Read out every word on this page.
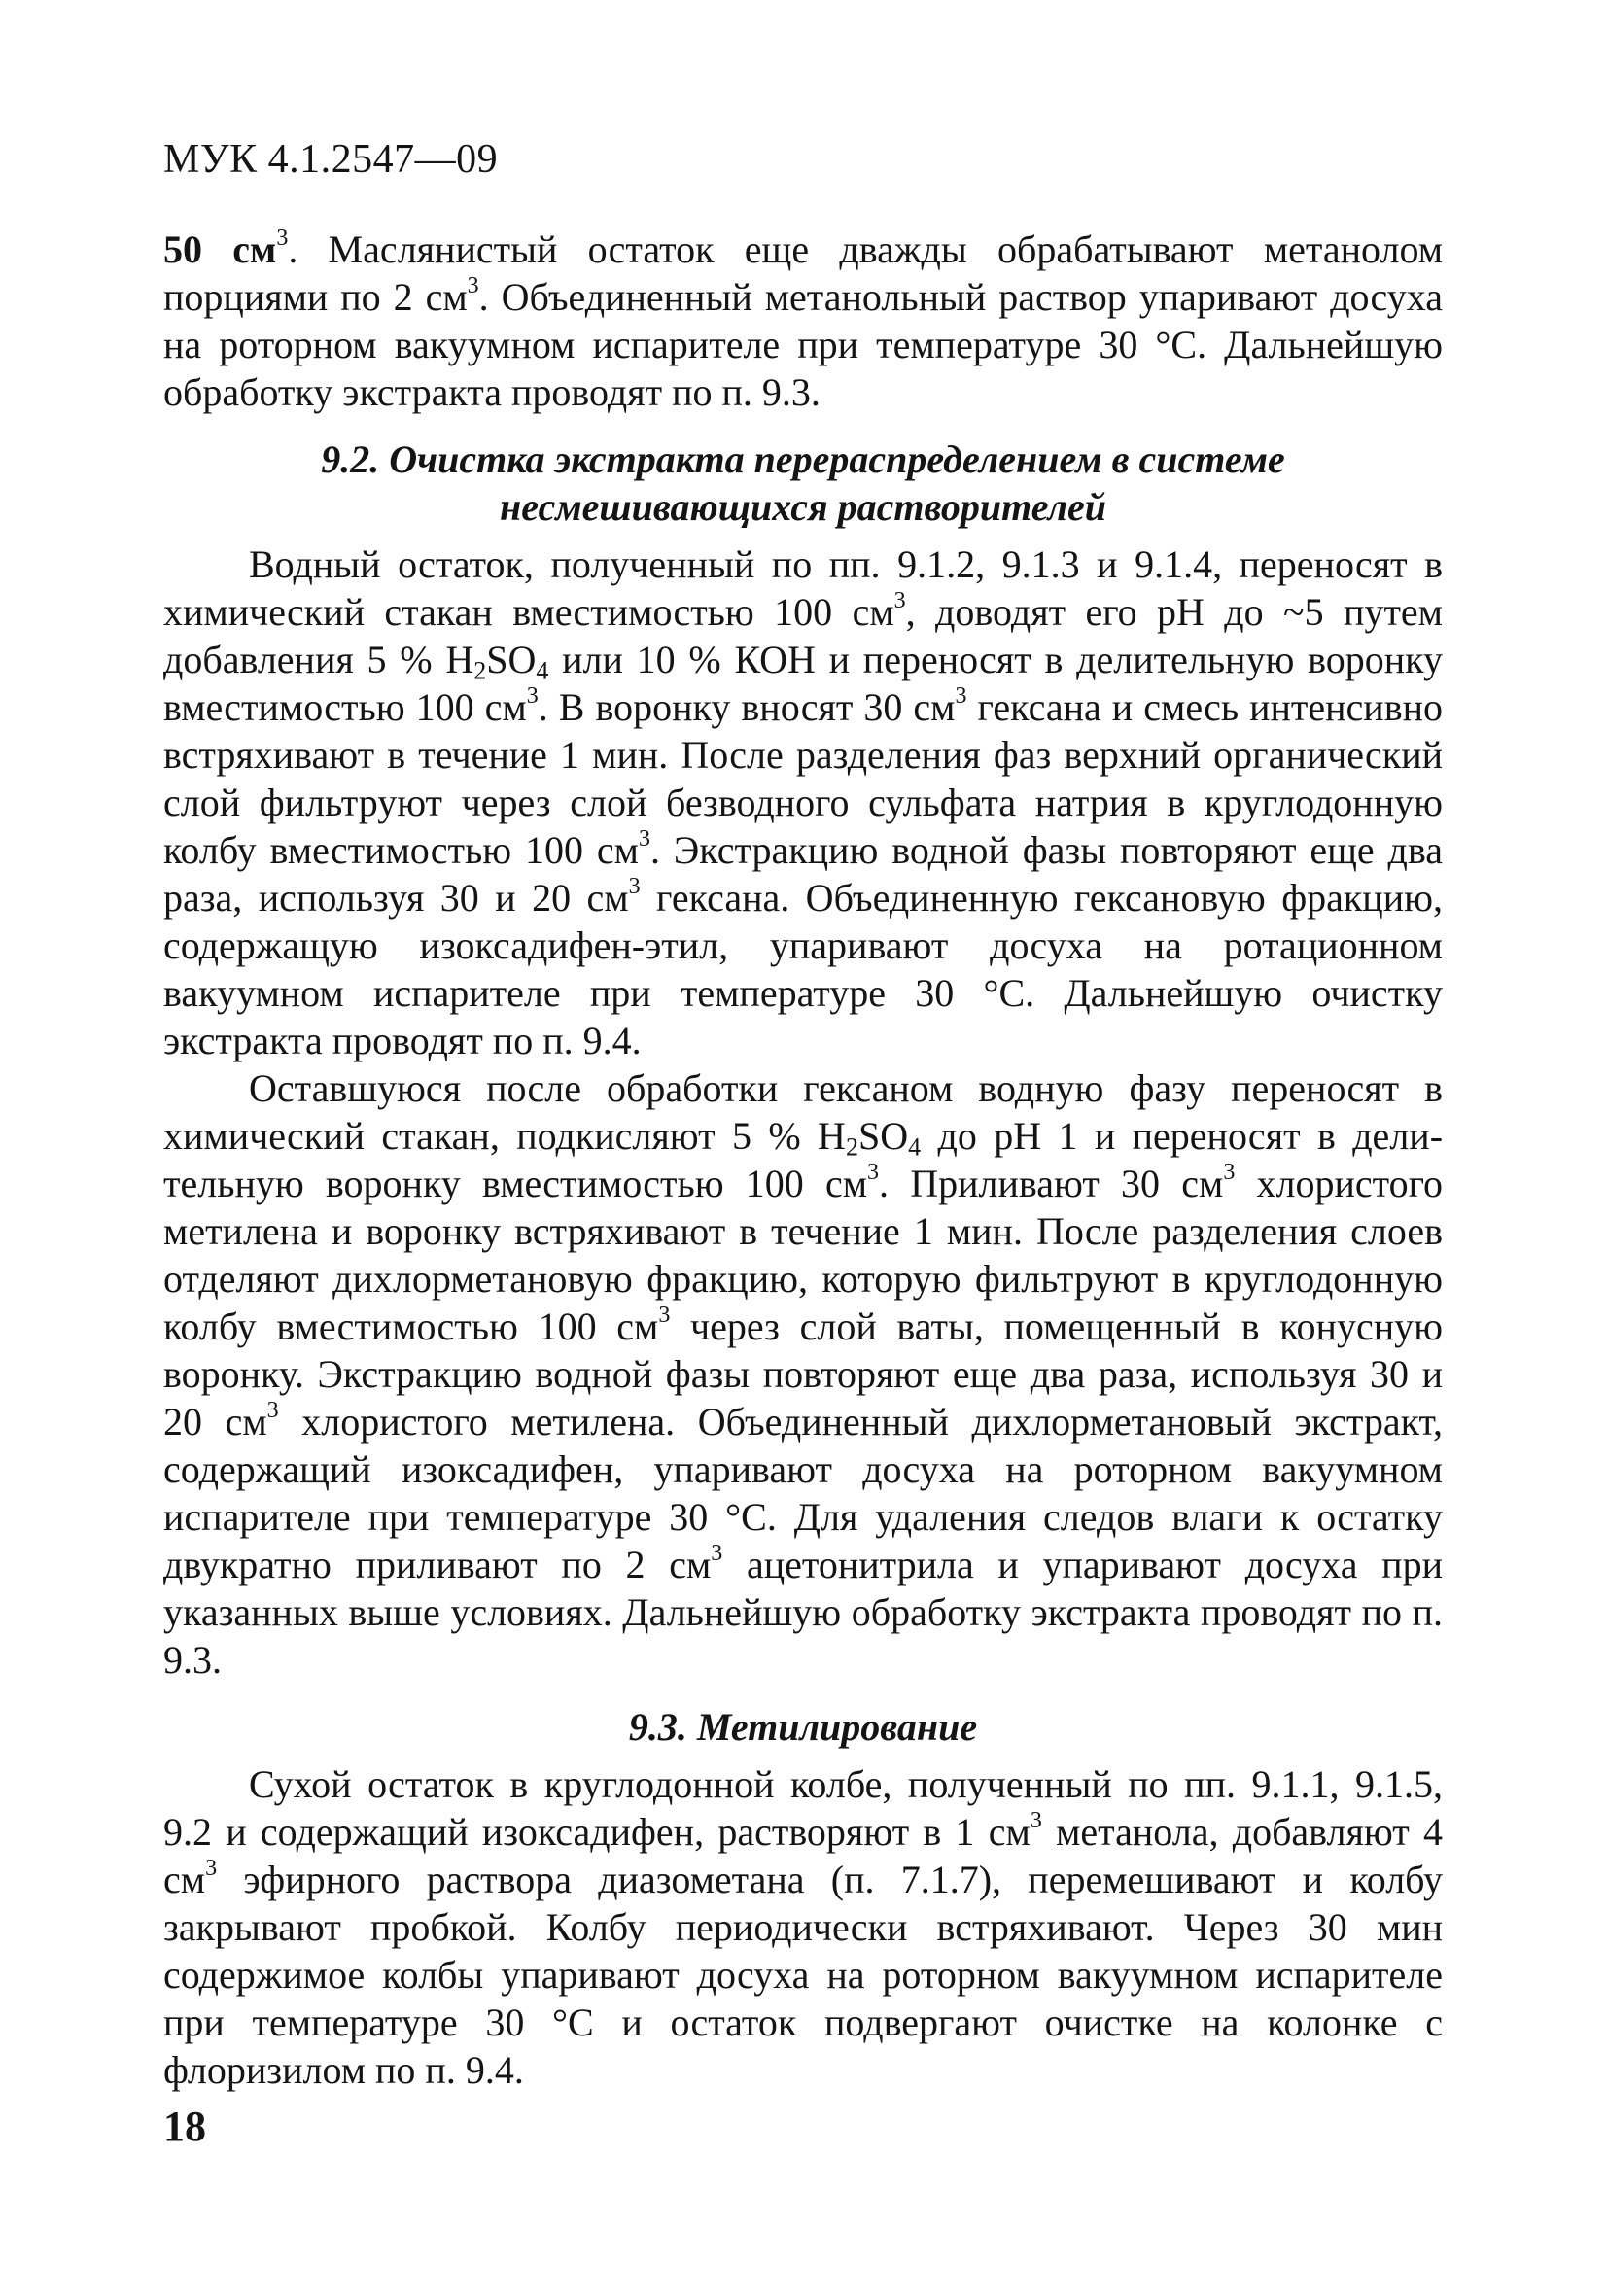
МУК 4.1.2547—09

50 $см^3$. Маслянистый остаток еще дважды обрабатывают метанолом порциями по 2 $см^3$. Объединенный метанольный раствор упаривают досуха на роторном вакуумном испарителе при температуре 30 °С. Дальнейшую обработку экстракта проводят по п. 9.3.

9.2. Очистка экстракта перераспределением в системе
несмешивающихся растворителей

Водный остаток, полученный по пп. 9.1.2, 9.1.3 и 9.1.4, переносят в химический стакан вместимостью 100 $см^3$, доводят его рН до ~5 путем добавления 5 % $H_2SO_4$ или 10 % КОН и переносят в делительную воронку вместимостью 100 $см^3$. В воронку вносят 30 $см^3$ гексана и смесь интенсивно встряхивают в течение 1 мин. После разделения фаз верхний органический слой фильтруют через слой безводного сульфата натрия в круглодонную колбу вместимостью 100 $см^3$. Экстракцию водной фазы повторяют еще два раза, используя 30 и 20 $см^3$ гексана. Объединенную гексановую фракцию, содержащую изоксадифен-этил, упаривают досуха на ротационном вакуумном испарителе при температуре 30 °С. Дальнейшую очистку экстракта проводят по п. 9.4.

Оставшуюся после обработки гексаном водную фазу переносят в химический стакан, подкисляют 5 % $H_2SO_4$ до рН 1 и переносят в делительную воронку вместимостью 100 $см^3$. Приливают 30 $см^3$ хлористого метилена и воронку встряхивают в течение 1 мин. После разделения слоев отделяют дихлорметановую фракцию, которую фильтруют в круглодонную колбу вместимостью 100 $см^3$ через слой ваты, помещенный в конусную воронку. Экстракцию водной фазы повторяют еще два раза, используя 30 и 20 $см^3$ хлористого метилена. Объединенный дихлорметановый экстракт, содержащий изоксадифен, упаривают досуха на роторном вакуумном испарителе при температуре 30 °С. Для удаления следов влаги к остатку двукратно приливают по 2 $см^3$ ацетонитрила и упаривают досуха при указанных выше условиях. Дальнейшую обработку экстракта проводят по п. 9.3.

9.3. Метилирование

Сухой остаток в круглодонной колбе, полученный по пп. 9.1.1, 9.1.5, 9.2 и содержащий изоксадифен, растворяют в 1 $см^3$ метанола, добавляют 4 $см^3$ эфирного раствора диазометана (п. 7.1.7), перемешивают и колбу закрывают пробкой. Колбу периодически встряхивают. Через 30 мин содержимое колбы упаривают досуха на роторном вакуумном испарителе при температуре 30 °С и остаток подвергают очистке на колонке с флоризилом по п. 9.4.

18
